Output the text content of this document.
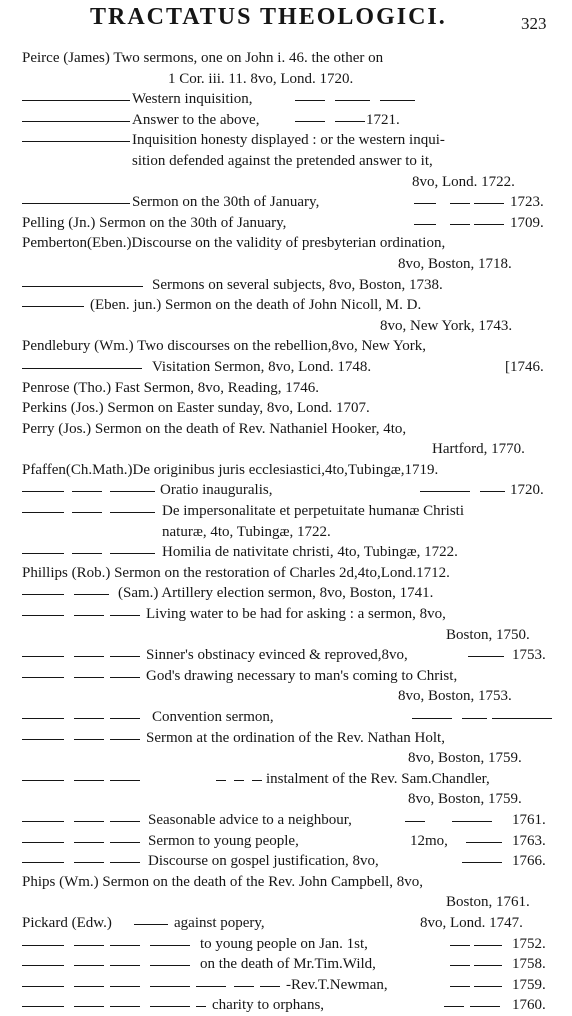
TRACTATUS THEOLOGICI.	323
Peirce (James) Two sermons, one on John i. 46. the other on
1 Cor. iii. 11. 8vo, Lond. 1720.
Western inquisition,
Answer to the above,	1721.
Inquisition honesty displayed : or the western inqui-
sition defended against the pretended answer to it,
8vo, Lond. 1722.
Sermon on the 30th of January,	1723.
Pelling (Jn.) Sermon on the 30th of January,	1709.
Pemberton(Eben.)Discourse on the validity of presbyterian ordination,
8vo, Boston, 1718.
Sermons on several subjects, 8vo, Boston, 1738.
(Eben. jun.) Sermon on the death of John Nicoll, M. D.
8vo, New York, 1743.
Pendlebury (Wm.) Two discourses on the rebellion,8vo, New York,
Visitation Sermon, 8vo, Lond. 1748.	[1746.
Penrose (Tho.) Fast Sermon, 8vo, Reading, 1746.
Perkins (Jos.) Sermon on Easter sunday, 8vo, Lond. 1707.
Perry (Jos.) Sermon on the death of Rev. Nathaniel Hooker, 4to,
Hartford, 1770.
Pfaffen(Ch.Math.)De originibus juris ecclesiastici,4to,Tubingæ,1719.
Oratio inauguralis,	1720.
De impersonalitate et perpetuitate humanæ Christi
naturæ, 4to, Tubingæ, 1722.
Homilia de nativitate christi, 4to, Tubingæ, 1722.
Phillips (Rob.) Sermon on the restoration of Charles 2d,4to,Lond.1712.
(Sam.) Artillery election sermon, 8vo, Boston, 1741.
Living water to be had for asking : a sermon, 8vo,
Boston, 1750.
Sinner's obstinacy evinced & reproved,8vo,	1753.
God's drawing necessary to man's coming to Christ,
8vo, Boston, 1753.
Convention sermon,
Sermon at the ordination of the Rev. Nathan Holt,
8vo, Boston, 1759.
instalment of the Rev. Sam.Chandler,
8vo, Boston, 1759.
Seasonable advice to a neighbour,	1761.
Sermon to young people,	12mo,	1763.
Discourse on gospel justification, 8vo,	1766.
Phips (Wm.) Sermon on the death of the Rev. John Campbell, 8vo,
Boston, 1761.
Pickard (Edw.)	against popery,	8vo, Lond. 1747.
to young people on Jan. 1st,	1752.
on the death of Mr.Tim.Wild,	1758.
-Rev.T.Newman,	1759.
charity to orphans,	1760.
